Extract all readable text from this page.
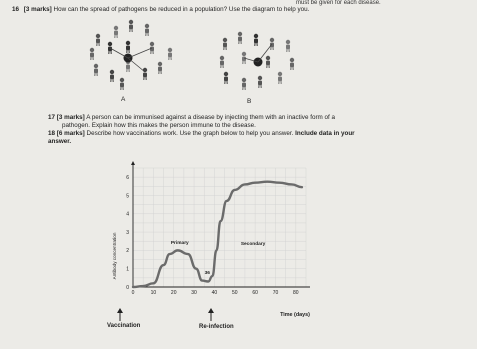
must be given for each disease.
16 [3 marks] How can the spread of pathogens be reduced in a population? Use the diagram to help you.
A	B
17 [3 marks] A person can be immunised against a disease by injecting them with an inactive form of a
pathogen. Explain how this makes the person immune to the disease.
18 [6 marks] Describe how vaccinations work. Use the graph below to help you answer. Include data in your
answer.
0	10	20	30	40	50	60	70	80
0
1
2
3
4
5
6
Primary	Secondary
36
Antibody concentration
Time (days)
Vaccination	Re-infection
